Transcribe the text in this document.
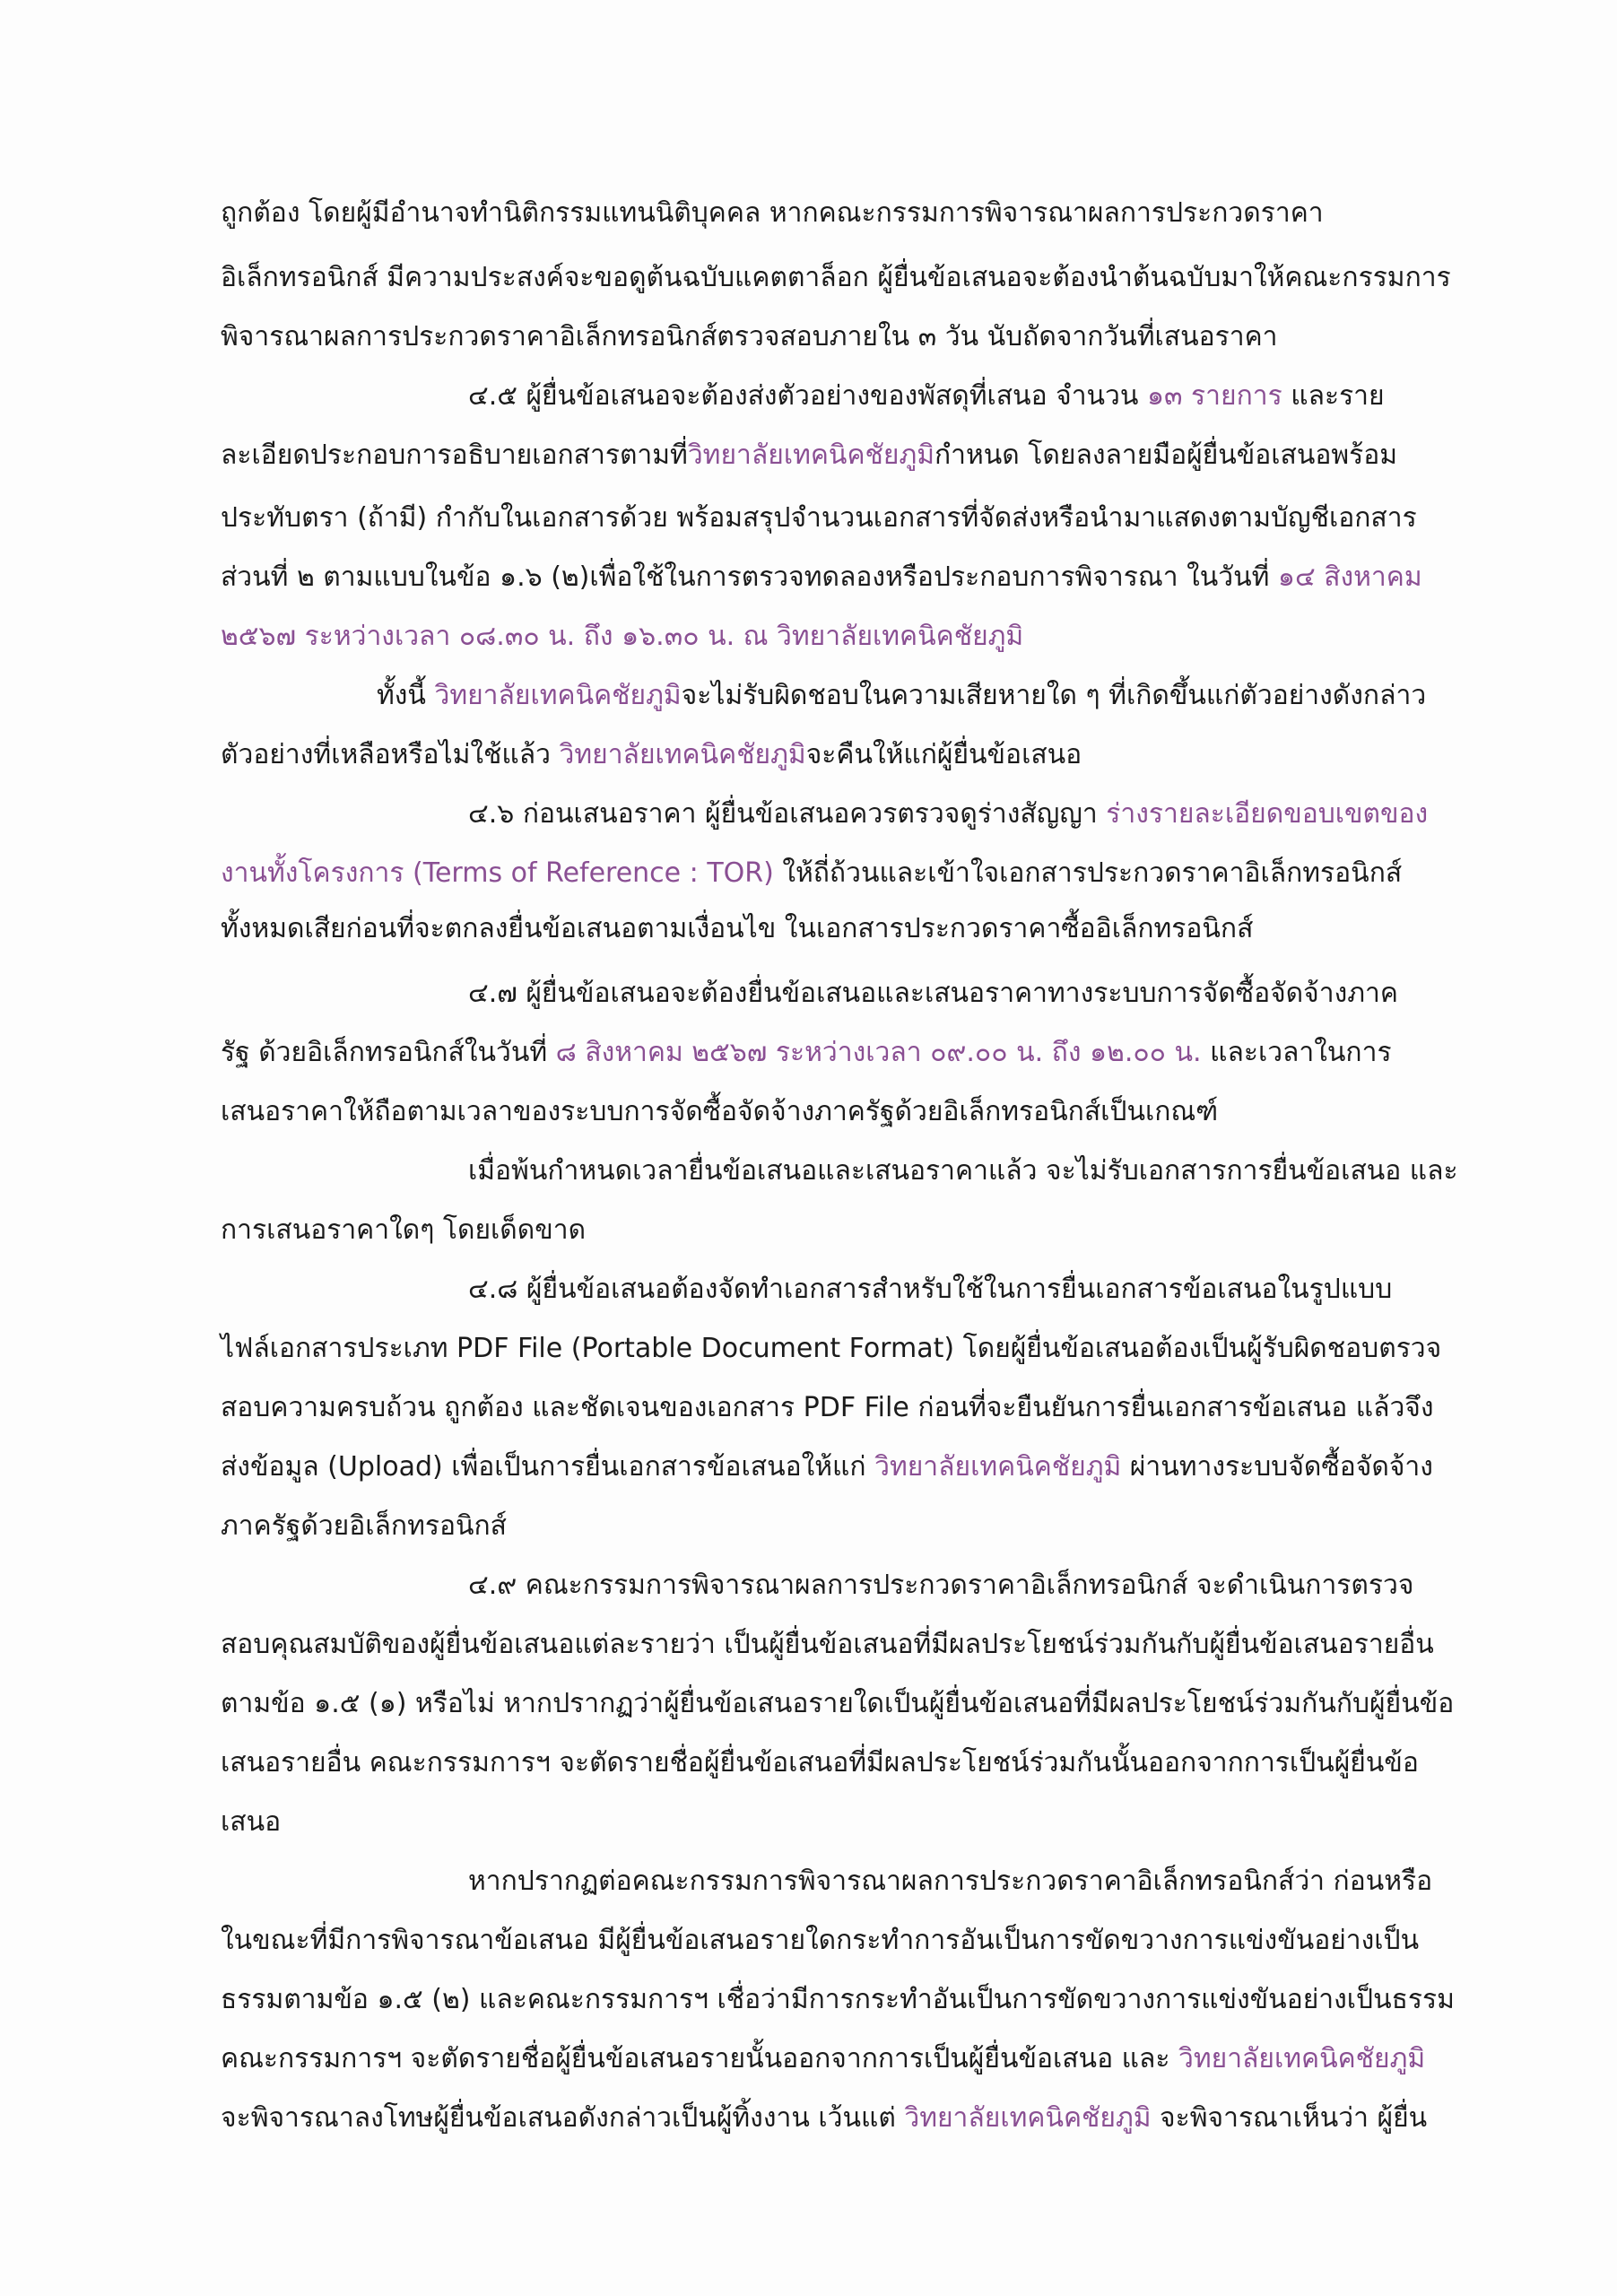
ถูกต้อง โดยผู้มีอำนาจทำนิติกรรมแทนนิติบุคคล หากคณะกรรมการพิจารณาผลการประกวดราคา
อิเล็กทรอนิกส์ มีความประสงค์จะขอดูต้นฉบับแคตตาล็อก ผู้ยื่นข้อเสนอจะต้องนำต้นฉบับมาให้คณะกรรมการ
พิจารณาผลการประกวดราคาอิเล็กทรอนิกส์ตรวจสอบภายใน ๓ วัน นับถัดจากวันที่เสนอราคา
๔.๕ ผู้ยื่นข้อเสนอจะต้องส่งตัวอย่างของพัสดุที่เสนอ จำนวน ๑๓ รายการ และราย
ละเอียดประกอบการอธิบายเอกสารตามที่วิทยาลัยเทคนิคชัยภูมิกำหนด โดยลงลายมือผู้ยื่นข้อเสนอพร้อม
ประทับตรา (ถ้ามี) กำกับในเอกสารด้วย พร้อมสรุปจำนวนเอกสารที่จัดส่งหรือนำมาแสดงตามบัญชีเอกสาร
ส่วนที่ ๒ ตามแบบในข้อ ๑.๖ (๒)เพื่อใช้ในการตรวจทดลองหรือประกอบการพิจารณา ในวันที่ ๑๔ สิงหาคม
๒๕๖๗ ระหว่างเวลา ๐๘.๓๐ น. ถึง ๑๖.๓๐ น. ณ วิทยาลัยเทคนิคชัยภูมิ
ทั้งนี้ วิทยาลัยเทคนิคชัยภูมิจะไม่รับผิดชอบในความเสียหายใด ๆ ที่เกิดขึ้นแก่ตัวอย่างดังกล่าว
ตัวอย่างที่เหลือหรือไม่ใช้แล้ว วิทยาลัยเทคนิคชัยภูมิจะคืนให้แก่ผู้ยื่นข้อเสนอ
๔.๖ ก่อนเสนอราคา ผู้ยื่นข้อเสนอควรตรวจดูร่างสัญญา ร่างรายละเอียดขอบเขตของ
งานทั้งโครงการ (Terms of Reference : TOR) ให้ถี่ถ้วนและเข้าใจเอกสารประกวดราคาอิเล็กทรอนิกส์
ทั้งหมดเสียก่อนที่จะตกลงยื่นข้อเสนอตามเงื่อนไข ในเอกสารประกวดราคาซื้ออิเล็กทรอนิกส์
๔.๗ ผู้ยื่นข้อเสนอจะต้องยื่นข้อเสนอและเสนอราคาทางระบบการจัดซื้อจัดจ้างภาค
รัฐ ด้วยอิเล็กทรอนิกส์ในวันที่ ๘ สิงหาคม ๒๕๖๗ ระหว่างเวลา ๐๙.๐๐ น. ถึง ๑๒.๐๐ น. และเวลาในการ
เสนอราคาให้ถือตามเวลาของระบบการจัดซื้อจัดจ้างภาครัฐด้วยอิเล็กทรอนิกส์เป็นเกณฑ์
เมื่อพ้นกำหนดเวลายื่นข้อเสนอและเสนอราคาแล้ว จะไม่รับเอกสารการยื่นข้อเสนอ และ
การเสนอราคาใดๆ โดยเด็ดขาด
๔.๘ ผู้ยื่นข้อเสนอต้องจัดทำเอกสารสำหรับใช้ในการยื่นเอกสารข้อเสนอในรูปแบบ
ไฟล์เอกสารประเภท PDF File (Portable Document Format) โดยผู้ยื่นข้อเสนอต้องเป็นผู้รับผิดชอบตรวจ
สอบความครบถ้วน ถูกต้อง และชัดเจนของเอกสาร PDF File ก่อนที่จะยืนยันการยื่นเอกสารข้อเสนอ แล้วจึง
ส่งข้อมูล (Upload) เพื่อเป็นการยื่นเอกสารข้อเสนอให้แก่ วิทยาลัยเทคนิคชัยภูมิ ผ่านทางระบบจัดซื้อจัดจ้าง
ภาครัฐด้วยอิเล็กทรอนิกส์
๔.๙ คณะกรรมการพิจารณาผลการประกวดราคาอิเล็กทรอนิกส์ จะดำเนินการตรวจ
สอบคุณสมบัติของผู้ยื่นข้อเสนอแต่ละรายว่า เป็นผู้ยื่นข้อเสนอที่มีผลประโยชน์ร่วมกันกับผู้ยื่นข้อเสนอรายอื่น
ตามข้อ ๑.๕ (๑) หรือไม่ หากปรากฏว่าผู้ยื่นข้อเสนอรายใดเป็นผู้ยื่นข้อเสนอที่มีผลประโยชน์ร่วมกันกับผู้ยื่นข้อ
เสนอรายอื่น คณะกรรมการฯ จะตัดรายชื่อผู้ยื่นข้อเสนอที่มีผลประโยชน์ร่วมกันนั้นออกจากการเป็นผู้ยื่นข้อ
เสนอ
หากปรากฏต่อคณะกรรมการพิจารณาผลการประกวดราคาอิเล็กทรอนิกส์ว่า ก่อนหรือ
ในขณะที่มีการพิจารณาข้อเสนอ มีผู้ยื่นข้อเสนอรายใดกระทำการอันเป็นการขัดขวางการแข่งขันอย่างเป็น
ธรรมตามข้อ ๑.๕ (๒) และคณะกรรมการฯ เชื่อว่ามีการกระทำอันเป็นการขัดขวางการแข่งขันอย่างเป็นธรรม
คณะกรรมการฯ จะตัดรายชื่อผู้ยื่นข้อเสนอรายนั้นออกจากการเป็นผู้ยื่นข้อเสนอ และ วิทยาลัยเทคนิคชัยภูมิ
จะพิจารณาลงโทษผู้ยื่นข้อเสนอดังกล่าวเป็นผู้ทิ้งงาน เว้นแต่ วิทยาลัยเทคนิคชัยภูมิ จะพิจารณาเห็นว่า ผู้ยื่น
